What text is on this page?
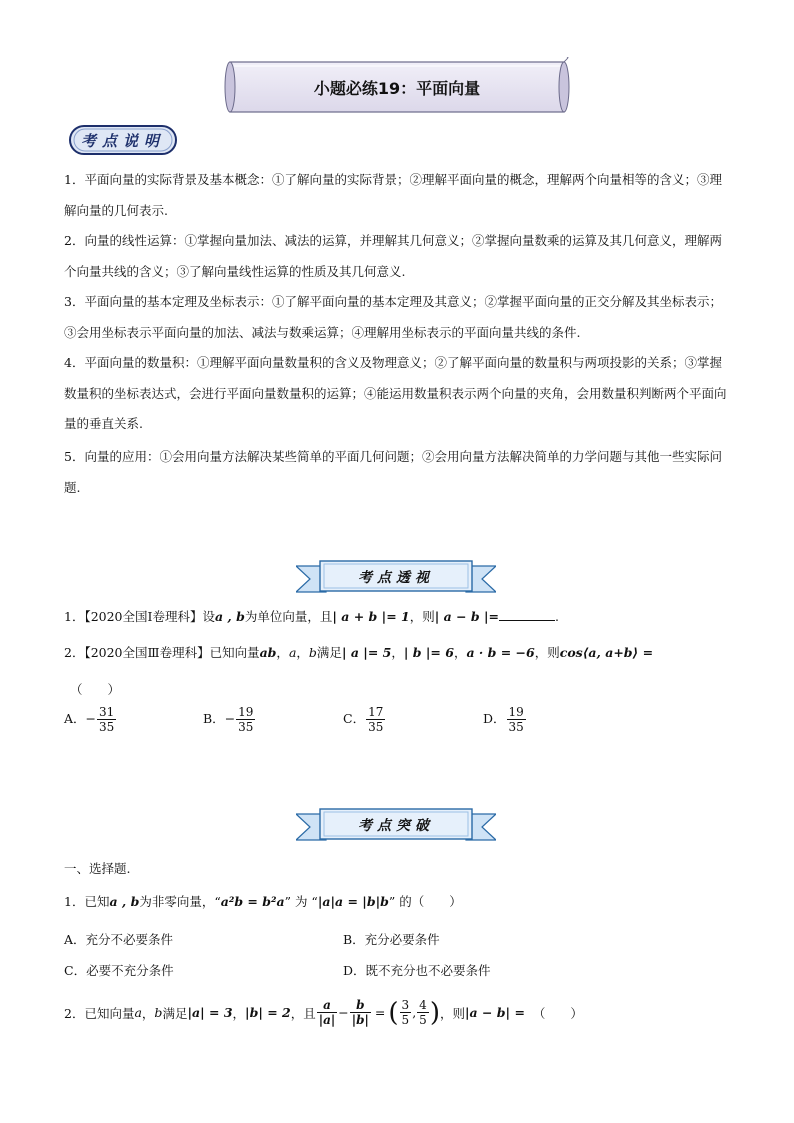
小题必练19：平面向量
考点说明
1．平面向量的实际背景及基本概念：①了解向量的实际背景；②理解平面向量的概念，理解两个向量相等的含义；③理解向量的几何表示.
2．向量的线性运算：①掌握向量加法、减法的运算，并理解其几何意义；②掌握向量数乘的运算及其几何意义，理解两个向量共线的含义；③了解向量线性运算的性质及其几何意义.
3．平面向量的基本定理及坐标表示：①了解平面向量的基本定理及其意义；②掌握平面向量的正交分解及其坐标表示；③会用坐标表示平面向量的加法、减法与数乘运算；④理解用坐标表示的平面向量共线的条件.
4．平面向量的数量积：①理解平面向量数量积的含义及物理意义；②了解平面向量的数量积与两项投影的关系；③掌握数量积的坐标表达式，会进行平面向量数量积的运算；④能运用数量积表示两个向量的夹角，会用数量积判断两个平面向量的垂直关系.
5．向量的应用：①会用向量方法解决某些简单的平面几何问题；②会用向量方法解决简单的力学问题与其他一些实际问题.
考点透视
1．【2020全国Ⅰ卷理科】设a , b为单位向量，且| a + b |= 1，则| a − b |=	.
2．【2020全国Ⅲ卷理科】已知向量ab，a，b满足| a |= 5，| b |= 6，a · b = −6，则cos⟨a, a+b⟩ =
（　　）
A．− $\frac{31}{35}$	B．− $\frac{19}{35}$	C． $\frac{17}{35}$	D． $\frac{19}{35}$
考点突破
一、选择题.
1．已知a , b为非零向量，“a²b = b²a” 为 “|a|a = |b|b” 的（　　）
A．充分不必要条件	B．充分必要条件
C．必要不充分条件	D．既不充分也不必要条件
2．已知向量 a ， b 满足 |a| = 3 ， |b| = 2 ，且 $\frac{a}{|a|} - \frac{b}{|b|}$ = ( $\frac{3}{5}$ , $\frac{4}{5}$ ) ，则 |a − b| = （　　）
